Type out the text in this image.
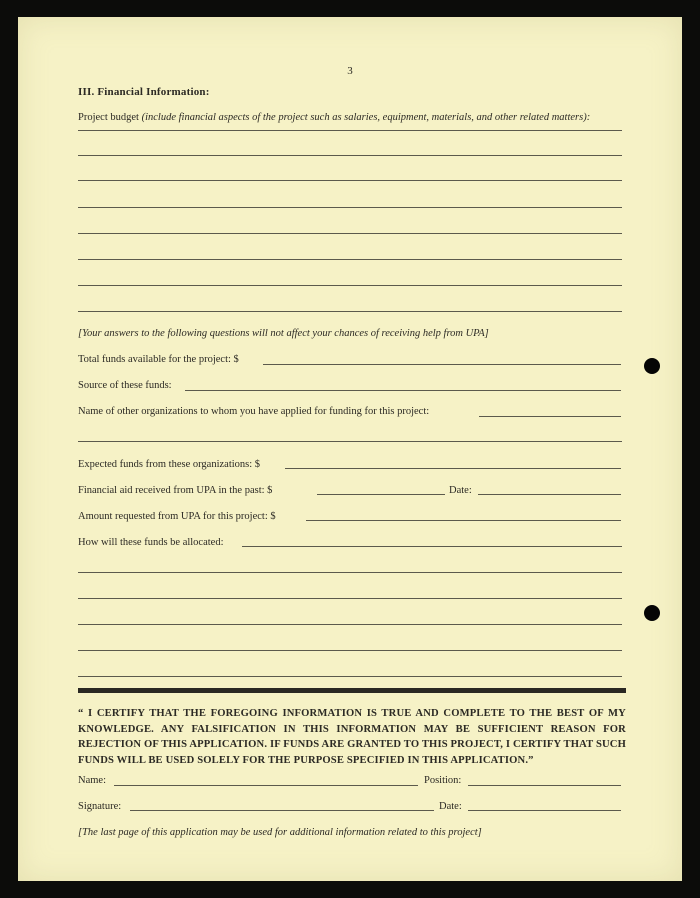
3
III. Financial Information:
Project budget (include financial aspects of the project such as salaries, equipment, materials, and other related matters):
[Your answers to the following questions will not affect your chances of receiving help from UPA]
Total funds available for the project: $
Source of these funds:
Name of other organizations to whom you have applied for funding for this project:
Expected funds from these organizations: $
Financial aid received from UPA in the past: $	Date:
Amount requested from UPA for this project: $
How will these funds be allocated:
“ I CERTIFY THAT THE FOREGOING INFORMATION IS TRUE AND COMPLETE TO THE BEST OF MY KNOWLEDGE. ANY FALSIFICATION IN THIS INFORMATION MAY BE SUFFICIENT REASON FOR REJECTION OF THIS APPLICATION. IF FUNDS ARE GRANTED TO THIS PROJECT, I CERTIFY THAT SUCH FUNDS WILL BE USED SOLELY FOR THE PURPOSE SPECIFIED IN THIS APPLICATION.”
Name:	Position:
Signature:	Date:
[The last page of this application may be used for additional information related to this project]
